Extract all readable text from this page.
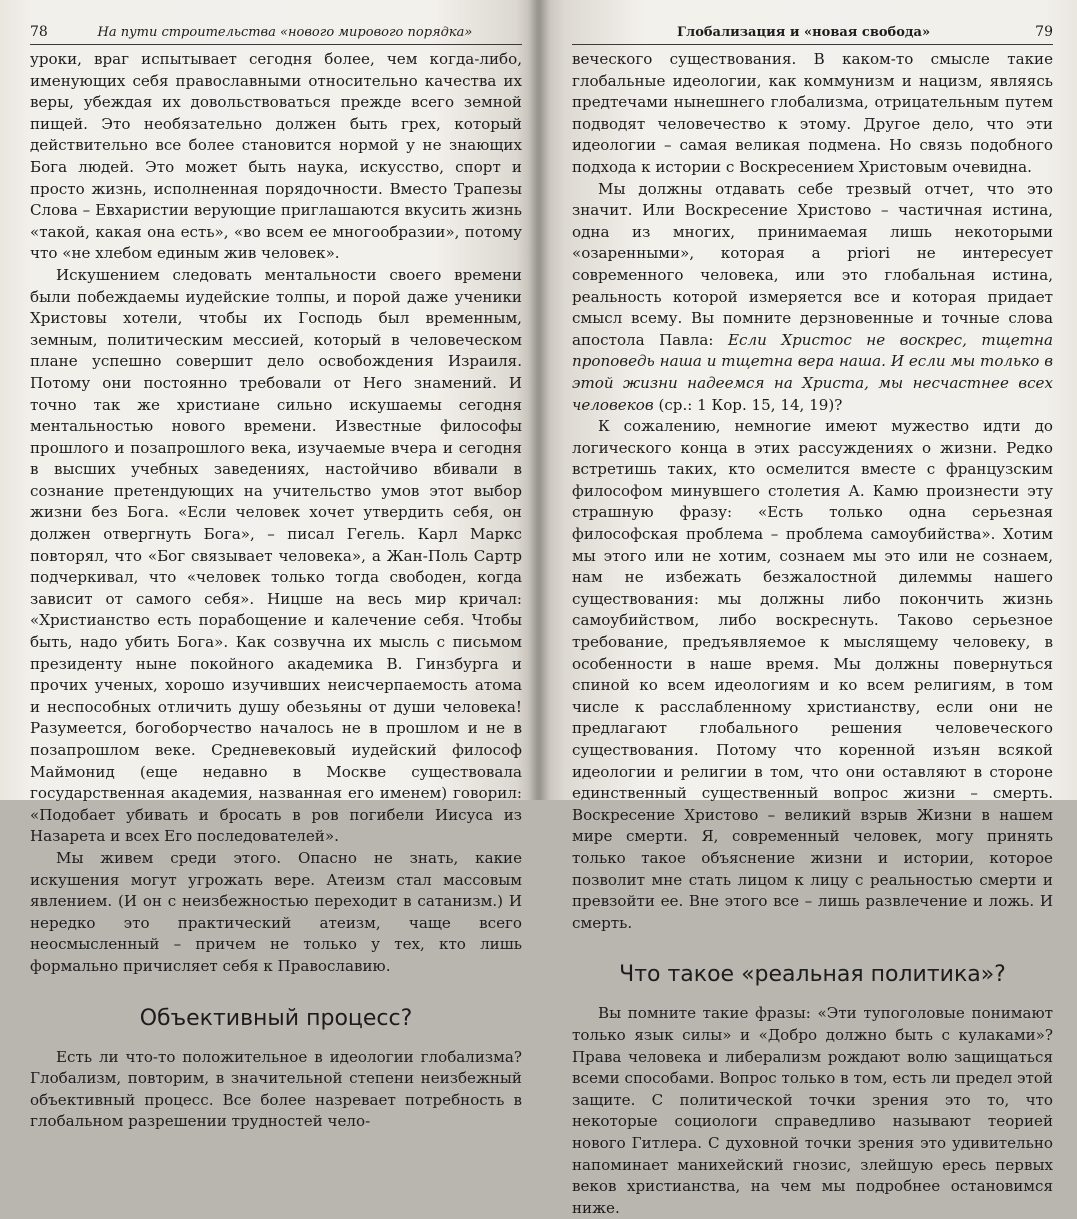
78	На пути строительства «нового мирового порядка»

уроки, враг испытывает сегодня более, чем когда-либо, именующих себя православными относительно качества их веры, убеждая их довольствоваться прежде всего земной пищей. Это необязательно должен быть грех, который действительно все более становится нормой у не знающих Бога людей. Это может быть наука, искусство, спорт и просто жизнь, исполненная порядочности. Вместо Трапезы Слова – Евхаристии верующие приглашаются вкусить жизнь «такой, какая она есть», «во всем ее многообразии», потому что «не хлебом единым жив человек».

Искушением следовать ментальности своего времени были побеждаемы иудейские толпы, и порой даже ученики Христовы хотели, чтобы их Господь был временным, земным, политическим мессией, который в человеческом плане успешно совершит дело освобождения Израиля. Потому они постоянно требовали от Него знамений. И точно так же христиане сильно искушаемы сегодня ментальностью нового времени. Известные философы прошлого и позапрошлого века, изучаемые вчера и сегодня в высших учебных заведениях, настойчиво вбивали в сознание претендующих на учительство умов этот выбор жизни без Бога. «Если человек хочет утвердить себя, он должен отвергнуть Бога», – писал Гегель. Карл Маркс повторял, что «Бог связывает человека», а Жан-Поль Сартр подчеркивал, что «человек только тогда свободен, когда зависит от самого себя». Ницше на весь мир кричал: «Христианство есть порабощение и калечение себя. Чтобы быть, надо убить Бога». Как созвучна их мысль с письмом президенту ныне покойного академика В. Гинзбурга и прочих ученых, хорошо изучивших неисчерпаемость атома и неспособных отличить душу обезьяны от души человека! Разумеется, богоборчество началось не в прошлом и не в позапрошлом веке. Средневековый иудейский философ Маймонид (еще недавно в Москве существовала государственная академия, названная его именем) говорил: «Подобает убивать и бросать в ров погибели Иисуса из Назарета и всех Его последователей».

Мы живем среди этого. Опасно не знать, какие искушения могут угрожать вере. Атеизм стал массовым явлением. (И он с неизбежностью переходит в сатанизм.) И нередко это практический атеизм, чаще всего неосмысленный – причем не только у тех, кто лишь формально причисляет себя к Православию.

Объективный процесс?

Есть ли что-то положительное в идеологии глобализма? Глобализм, повторим, в значительной степени неизбежный объективный процесс. Все более назревает потребность в глобальном разрешении трудностей чело-

Глобализация и «новая свобода»	79

веческого существования. В каком-то смысле такие глобальные идеологии, как коммунизм и нацизм, являясь предтечами нынешнего глобализма, отрицательным путем подводят человечество к этому. Другое дело, что эти идеологии – самая великая подмена. Но связь подобного подхода к истории с Воскресением Христовым очевидна.

Мы должны отдавать себе трезвый отчет, что это значит. Или Воскресение Христово – частичная истина, одна из многих, принимаемая лишь некоторыми «озаренными», которая a priori не интересует современного человека, или это глобальная истина, реальность которой измеряется все и которая придает смысл всему. Вы помните дерзновенные и точные слова апостола Павла: Если Христос не воскрес, тщетна проповедь наша и тщетна вера наша. И если мы только в этой жизни надеемся на Христа, мы несчастнее всех человеков (ср.: 1 Кор. 15, 14, 19)?

К сожалению, немногие имеют мужество идти до логического конца в этих рассуждениях о жизни. Редко встретишь таких, кто осмелится вместе с французским философом минувшего столетия А. Камю произнести эту страшную фразу: «Есть только одна серьезная философская проблема – проблема самоубийства». Хотим мы этого или не хотим, сознаем мы это или не сознаем, нам не избежать безжалостной дилеммы нашего существования: мы должны либо покончить жизнь самоубийством, либо воскреснуть. Таково серьезное требование, предъявляемое к мыслящему человеку, в особенности в наше время. Мы должны повернуться спиной ко всем идеологиям и ко всем религиям, в том числе к расслабленному христианству, если они не предлагают глобального решения человеческого существования. Потому что коренной изъян всякой идеологии и религии в том, что они оставляют в стороне единственный существенный вопрос жизни – смерть. Воскресение Христово – великий взрыв Жизни в нашем мире смерти. Я, современный человек, могу принять только такое объяснение жизни и истории, которое позволит мне стать лицом к лицу с реальностью смерти и превзойти ее. Вне этого все – лишь развлечение и ложь. И смерть.

Что такое «реальная политика»?

Вы помните такие фразы: «Эти тупоголовые понимают только язык силы» и «Добро должно быть с кулаками»? Права человека и либерализм рождают волю защищаться всеми способами. Вопрос только в том, есть ли предел этой защите. С политической точки зрения это то, что некоторые социологи справедливо называют теорией нового Гитлера. С духовной точки зрения это удивительно напоминает манихейский гнозис, злейшую ересь первых веков христианства, на чем мы подробнее остановимся ниже.
